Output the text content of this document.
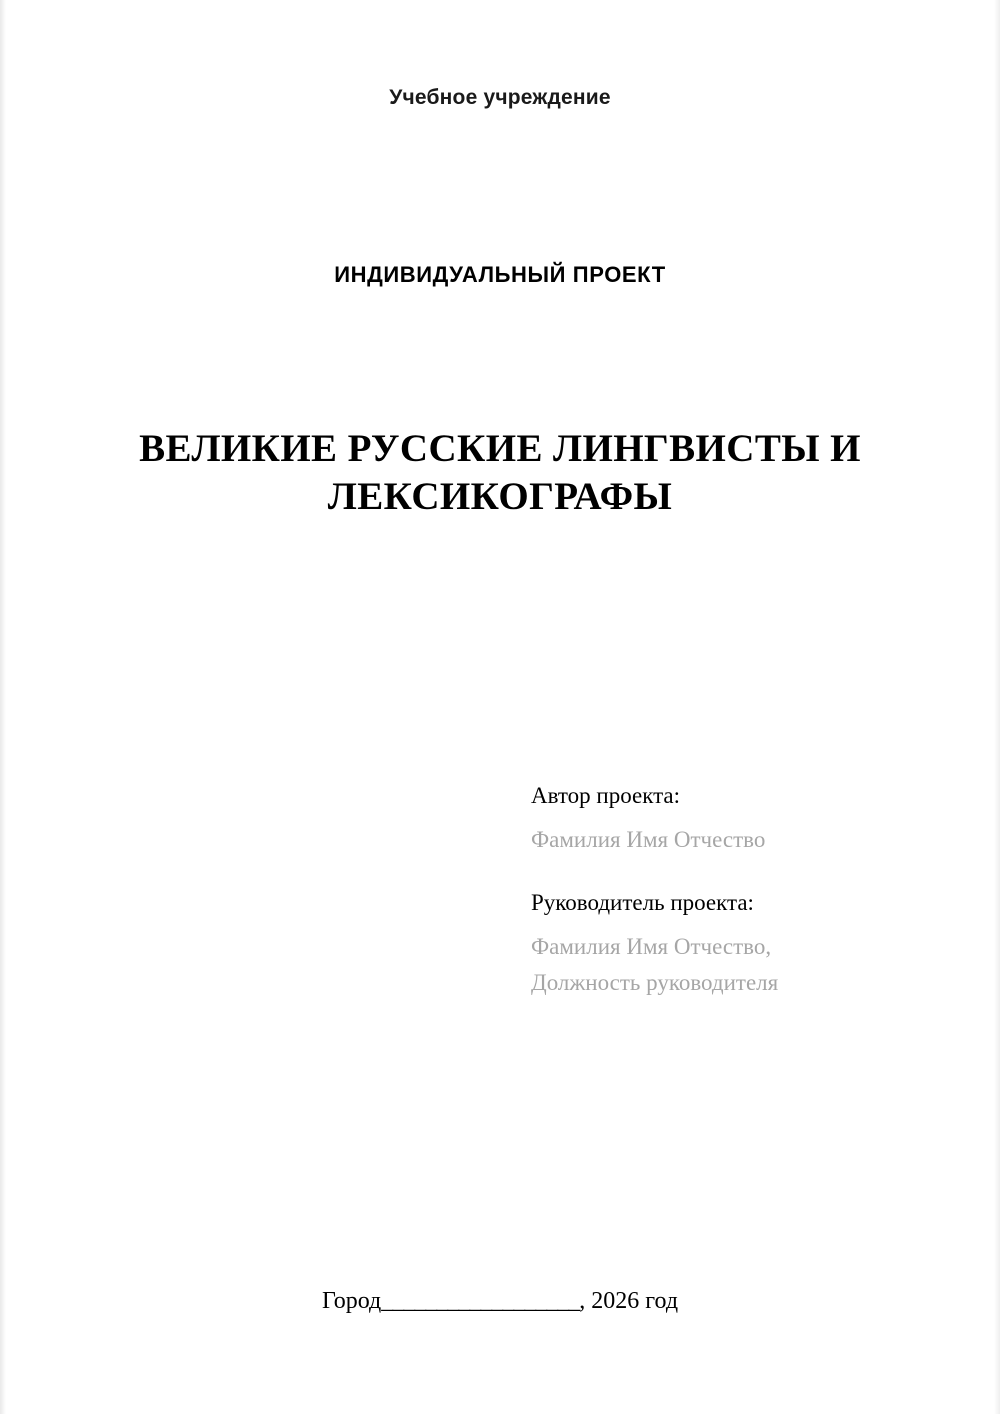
Учебное учреждение
ИНДИВИДУАЛЬНЫЙ ПРОЕКТ
ВЕЛИКИЕ РУССКИЕ ЛИНГВИСТЫ И ЛЕКСИКОГРАФЫ
Автор проекта:
Фамилия Имя Отчество
Руководитель проекта:
Фамилия Имя Отчество,
Должность руководителя
Город__________________, 2026 год
